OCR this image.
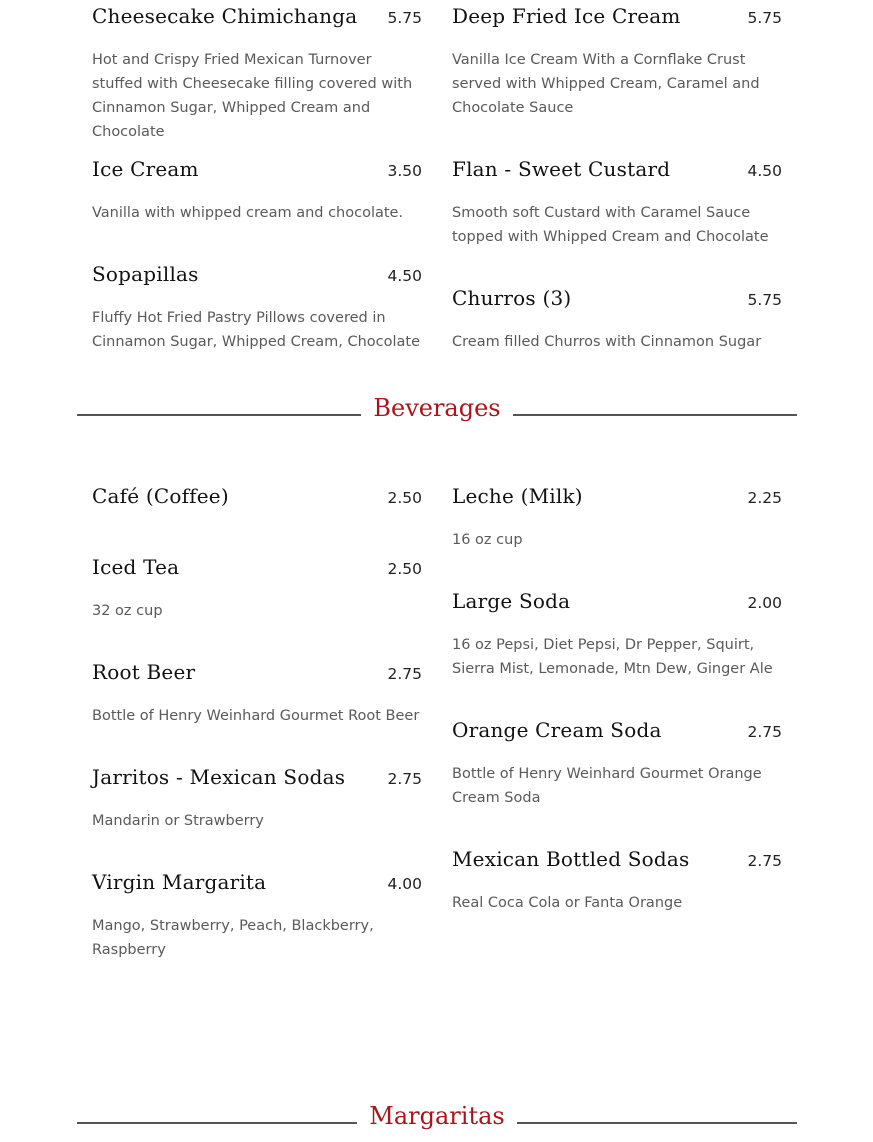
Cheesecake Chimichanga 5.75
Hot and Crispy Fried Mexican Turnover stuffed with Cheesecake filling covered with Cinnamon Sugar, Whipped Cream and Chocolate
Ice Cream	3.50
Vanilla with whipped cream and chocolate.
Sopapillas	4.50
Fluffy Hot Fried Pastry Pillows covered in Cinnamon Sugar, Whipped Cream, Chocolate
Deep Fried Ice Cream	5.75
Vanilla Ice Cream With a Cornflake Crust served with Whipped Cream, Caramel and Chocolate Sauce
Flan - Sweet Custard	4.50
Smooth soft Custard with Caramel Sauce topped with Whipped Cream and Chocolate
Churros (3)	5.75
Cream filled Churros with Cinnamon Sugar
Beverages
Café (Coffee)	2.50
Iced Tea	2.50
32 oz cup
Root Beer	2.75
Bottle of Henry Weinhard Gourmet Root Beer
Jarritos - Mexican Sodas	2.75
Mandarin or Strawberry
Virgin Margarita	4.00
Mango, Strawberry, Peach, Blackberry, Raspberry
Leche (Milk)	2.25
16 oz cup
Large Soda	2.00
16 oz Pepsi, Diet Pepsi, Dr Pepper, Squirt, Sierra Mist, Lemonade, Mtn Dew, Ginger Ale
Orange Cream Soda	2.75
Bottle of Henry Weinhard Gourmet Orange Cream Soda
Mexican Bottled Sodas	2.75
Real Coca Cola or Fanta Orange
Margaritas
